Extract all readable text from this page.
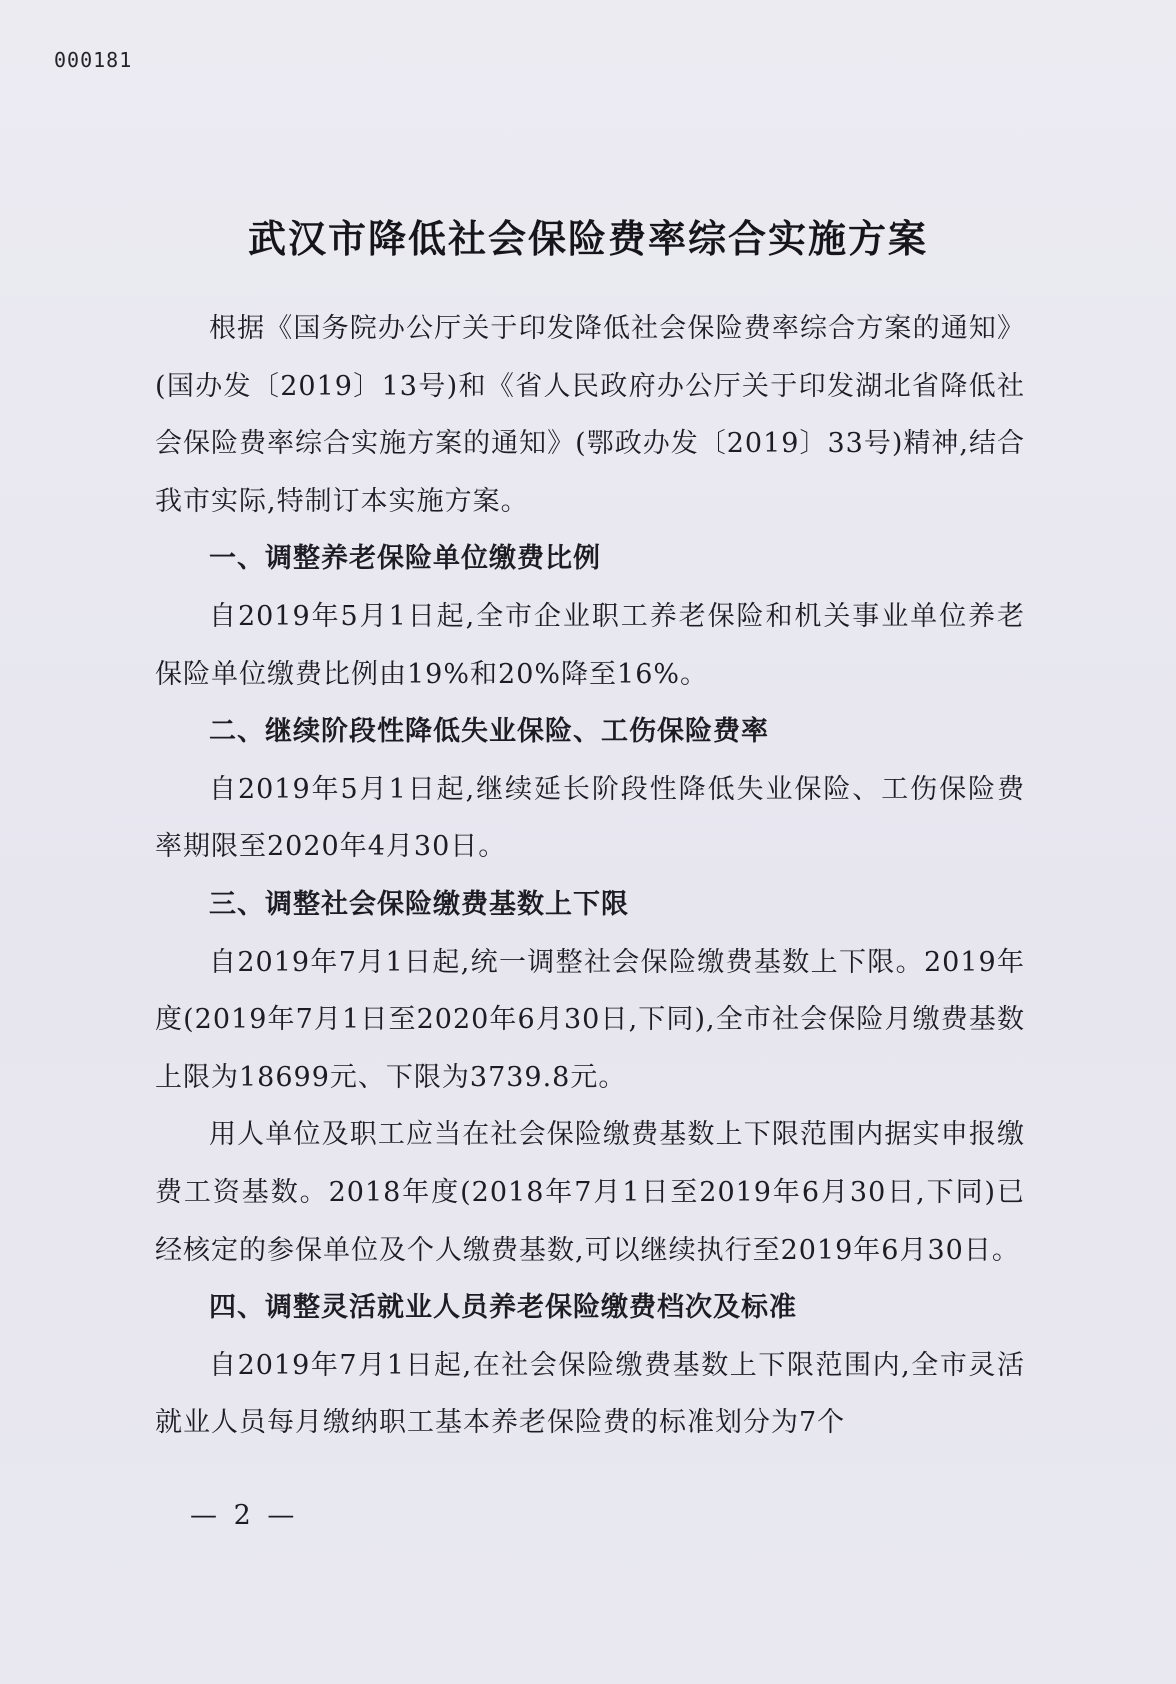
000181
武汉市降低社会保险费率综合实施方案

根据《国务院办公厅关于印发降低社会保险费率综合方案的通知》(国办发〔2019〕13号)和《省人民政府办公厅关于印发湖北省降低社会保险费率综合实施方案的通知》(鄂政办发〔2019〕33号)精神,结合我市实际,特制订本实施方案。

一、调整养老保险单位缴费比例

自2019年5月1日起,全市企业职工养老保险和机关事业单位养老保险单位缴费比例由19%和20%降至16%。

二、继续阶段性降低失业保险、工伤保险费率

自2019年5月1日起,继续延长阶段性降低失业保险、工伤保险费率期限至2020年4月30日。

三、调整社会保险缴费基数上下限

自2019年7月1日起,统一调整社会保险缴费基数上下限。2019年度(2019年7月1日至2020年6月30日,下同),全市社会保险月缴费基数上限为18699元、下限为3739.8元。

用人单位及职工应当在社会保险缴费基数上下限范围内据实申报缴费工资基数。2018年度(2018年7月1日至2019年6月30日,下同)已经核定的参保单位及个人缴费基数,可以继续执行至2019年6月30日。

四、调整灵活就业人员养老保险缴费档次及标准

自2019年7月1日起,在社会保险缴费基数上下限范围内,全市灵活就业人员每月缴纳职工基本养老保险费的标准划分为7个

— 2 —
